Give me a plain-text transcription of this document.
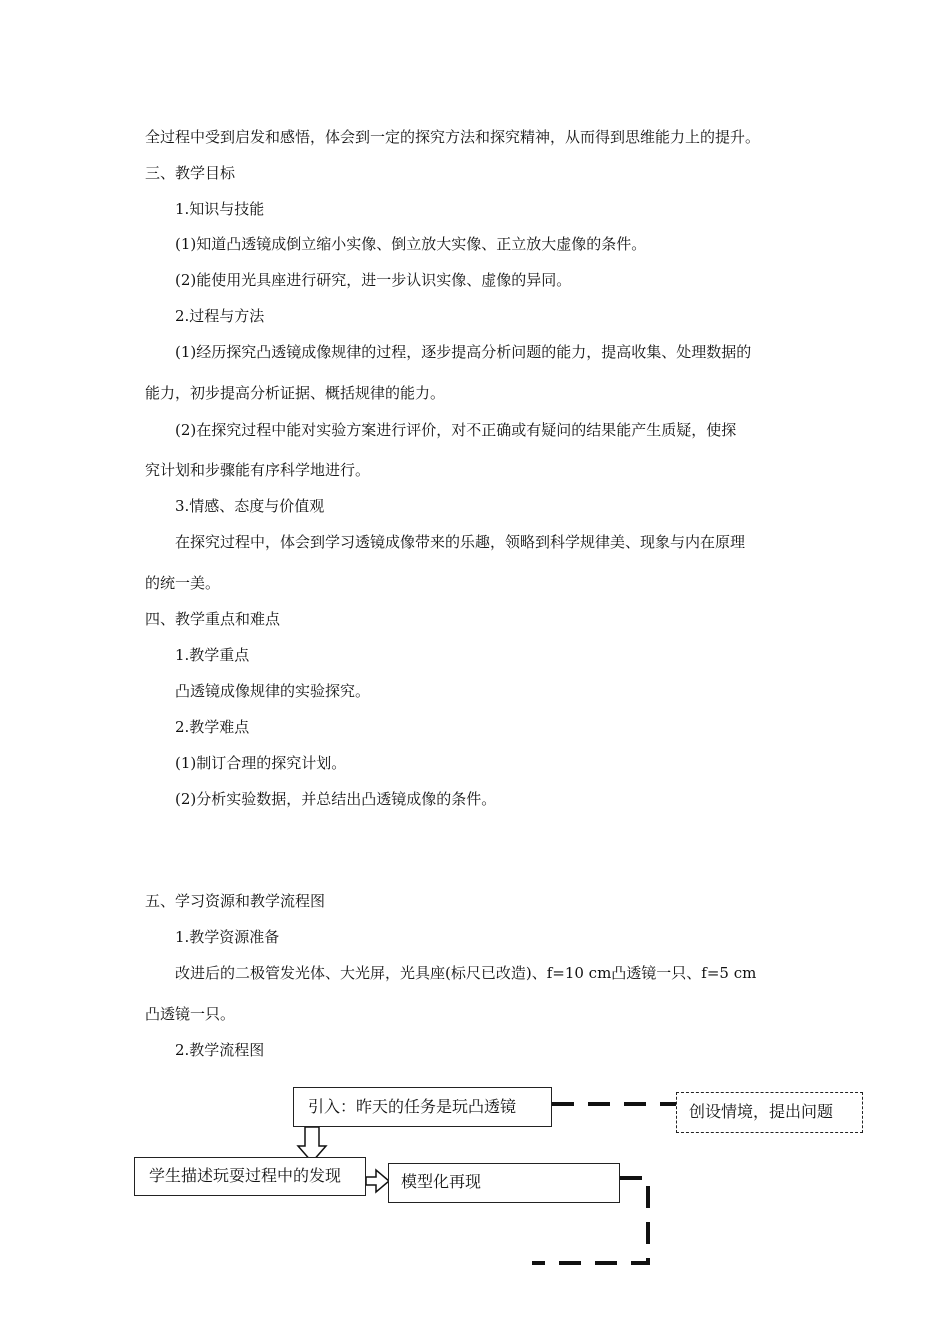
全过程中受到启发和感悟，体会到一定的探究方法和探究精神，从而得到思维能力上的提升。
三、教学目标
1.知识与技能
(1)知道凸透镜成倒立缩小实像、倒立放大实像、正立放大虚像的条件。
(2)能使用光具座进行研究，进一步认识实像、虚像的异同。
2.过程与方法
(1)经历探究凸透镜成像规律的过程，逐步提高分析问题的能力，提高收集、处理数据的
能力，初步提高分析证据、概括规律的能力。
(2)在探究过程中能对实验方案进行评价，对不正确或有疑问的结果能产生质疑，使探
究计划和步骤能有序科学地进行。
3.情感、态度与价值观
在探究过程中，体会到学习透镜成像带来的乐趣，领略到科学规律美、现象与内在原理
的统一美。
四、教学重点和难点
1.教学重点
凸透镜成像规律的实验探究。
2.教学难点
(1)制订合理的探究计划。
(2)分析实验数据，并总结出凸透镜成像的条件。
五、学习资源和教学流程图
1.教学资源准备
改进后的二极管发光体、大光屏，光具座(标尺已改造)、f=10 cm凸透镜一只、f=5 cm
凸透镜一只。
2.教学流程图
引入：昨天的任务是玩凸透镜	创设情境，提出问题
学生描述玩耍过程中的发现	模型化再现
